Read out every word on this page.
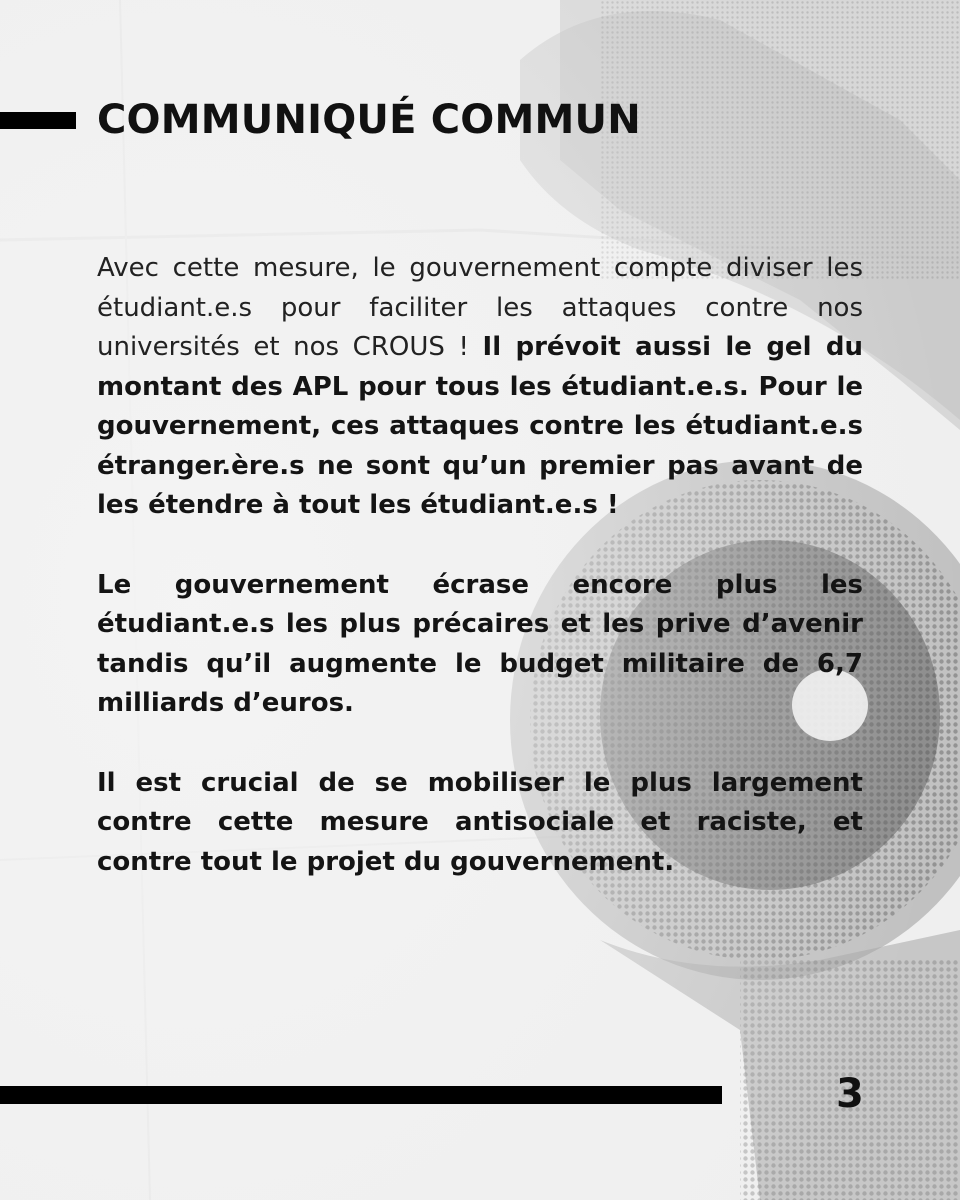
COMMUNIQUÉ COMMUN

Avec cette mesure, le gouvernement compte diviser les étudiant.e.s pour faciliter les attaques contre nos universités et nos CROUS ! Il prévoit aussi le gel du montant des APL pour tous les étudiant.e.s. Pour le gouvernement, ces attaques contre les étudiant.e.s étranger.ère.s ne sont qu’un premier pas avant de les étendre à tout les étudiant.e.s !

Le gouvernement écrase encore plus les étudiant.e.s les plus précaires et les prive d’avenir tandis qu’il augmente le budget militaire de 6,7 milliards d’euros.

Il est crucial de se mobiliser le plus largement contre cette mesure antisociale et raciste, et contre tout le projet du gouvernement.

3
